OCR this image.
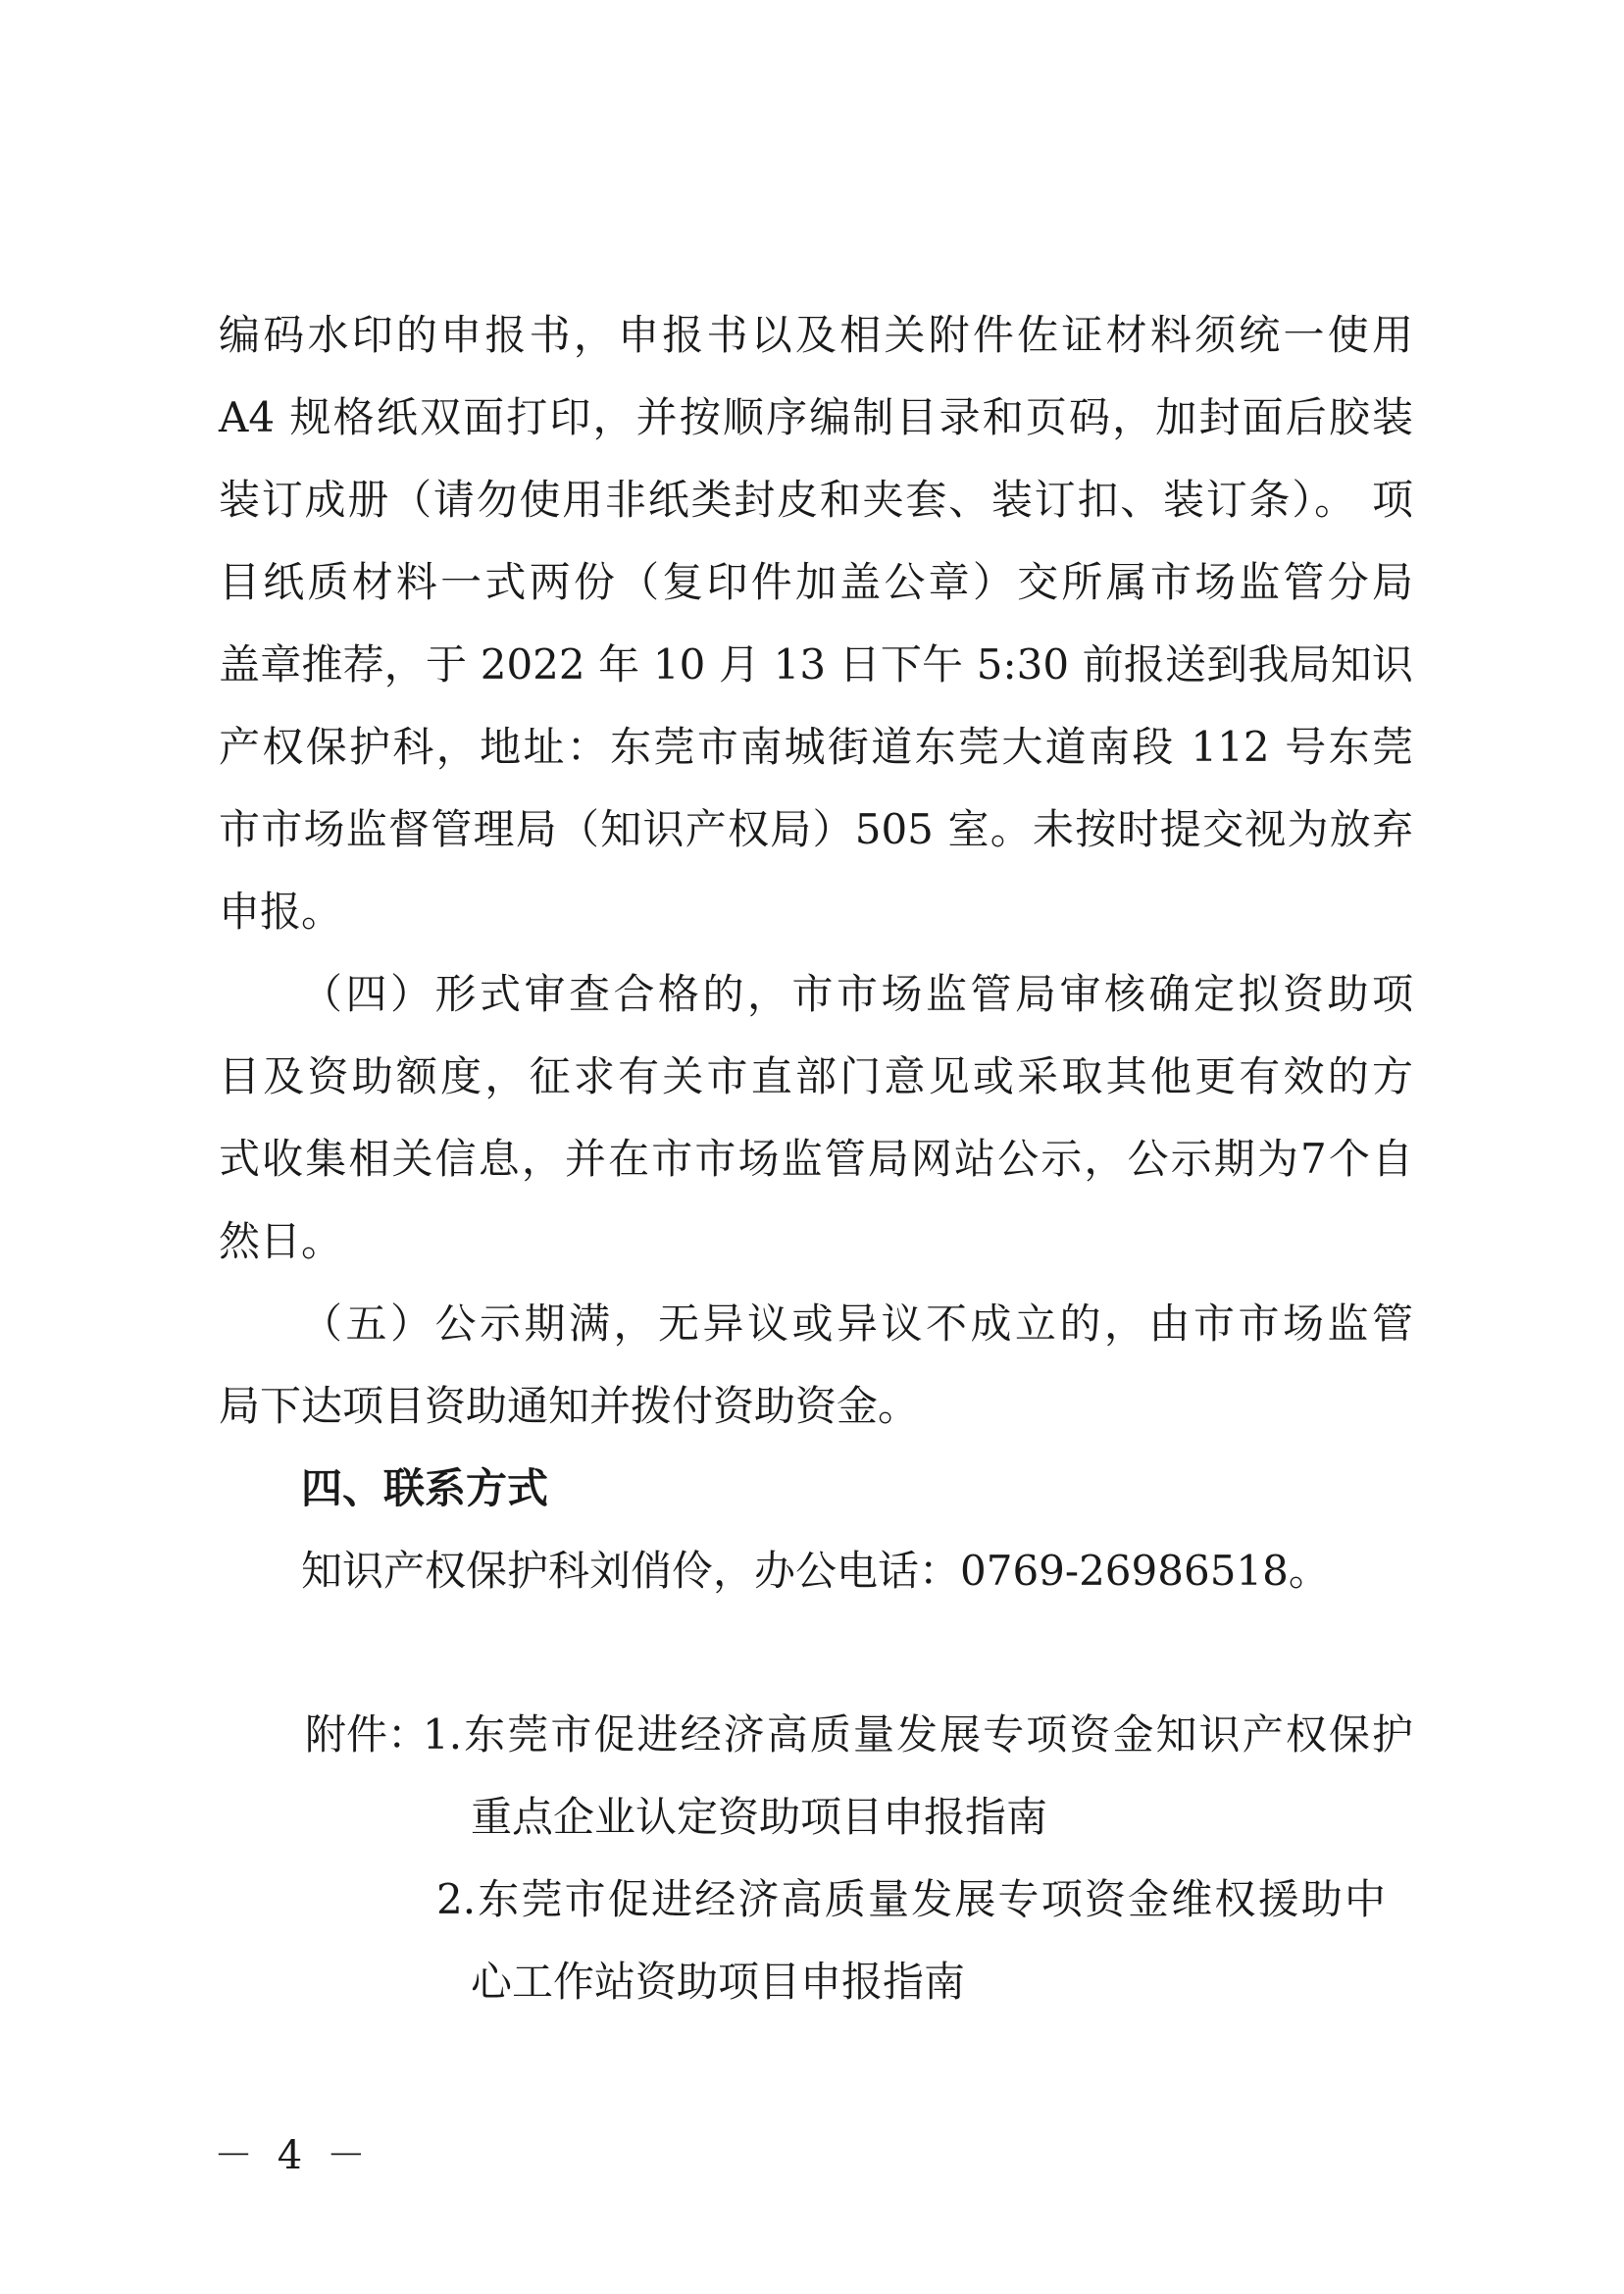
编码水印的申报书，申报书以及相关附件佐证材料须统一使用
A4 规格纸双面打印，并按顺序编制目录和页码，加封面后胶装
装订成册（请勿使用非纸类封皮和夹套、装订扣、装订条）。 项
目纸质材料一式两份（复印件加盖公章）交所属市场监管分局
盖章推荐，于 2022 年 10 月 13 日下午 5:30 前报送到我局知识
产权保护科，地址：东莞市南城街道东莞大道南段 112 号东莞
市市场监督管理局（知识产权局）505 室。未按时提交视为放弃
申报。
（四）形式审查合格的，市市场监管局审核确定拟资助项
目及资助额度，征求有关市直部门意见或采取其他更有效的方
式收集相关信息，并在市市场监管局网站公示，公示期为7个自
然日。
（五）公示期满，无异议或异议不成立的，由市市场监管
局下达项目资助通知并拨付资助资金。
四、联系方式
知识产权保护科刘俏伶，办公电话：0769-26986518。
附件：
1.东莞市促进经济高质量发展专项资金知识产权保护
重点企业认定资助项目申报指南
2.东莞市促进经济高质量发展专项资金维权援助中
心工作站资助项目申报指南
－ 4 －
